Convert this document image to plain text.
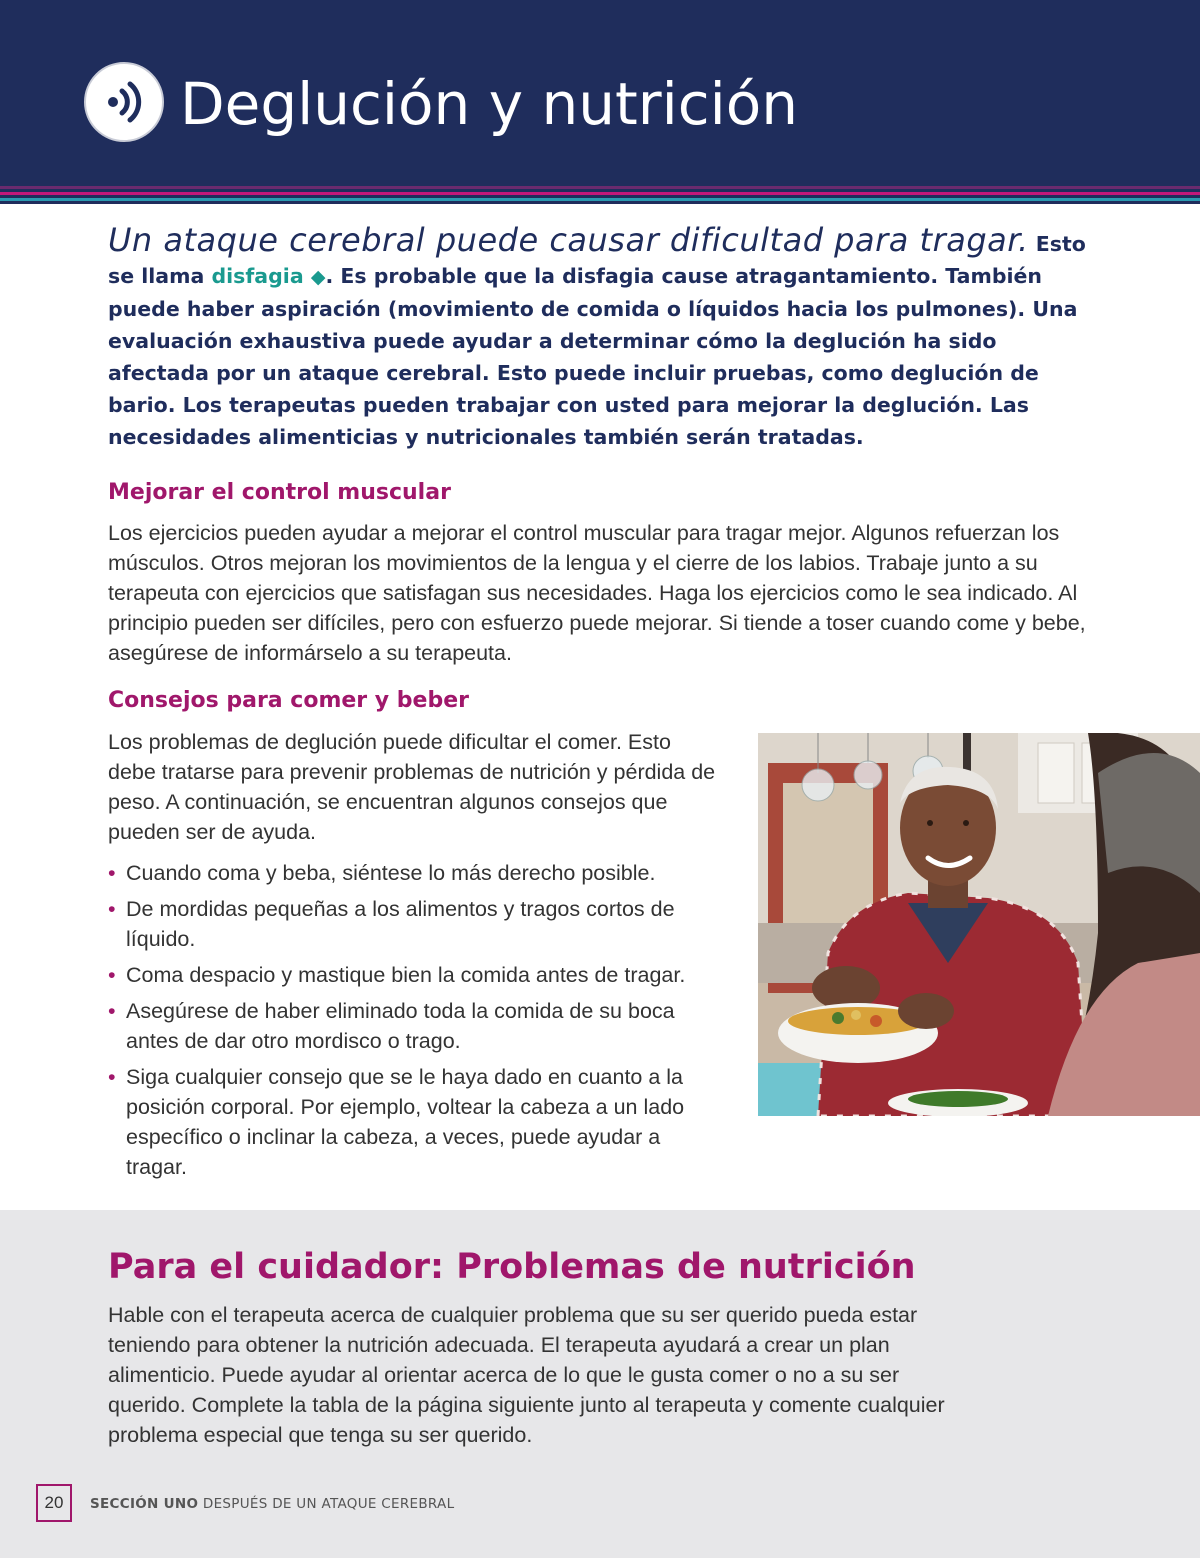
Deglución y nutrición

Un ataque cerebral puede causar dificultad para tragar. Esto se llama disfagia ◆. Es probable que la disfagia cause atragantamiento. También puede haber aspiración (movimiento de comida o líquidos hacia los pulmones). Una evaluación exhaustiva puede ayudar a determinar cómo la deglución ha sido afectada por un ataque cerebral. Esto puede incluir pruebas, como deglución de bario. Los terapeutas pueden trabajar con usted para mejorar la deglución. Las necesidades alimenticias y nutricionales también serán tratadas.

Mejorar el control muscular

Los ejercicios pueden ayudar a mejorar el control muscular para tragar mejor. Algunos refuerzan los músculos. Otros mejoran los movimientos de la lengua y el cierre de los labios. Trabaje junto a su terapeuta con ejercicios que satisfagan sus necesidades. Haga los ejercicios como le sea indicado. Al principio pueden ser difíciles, pero con esfuerzo puede mejorar. Si tiende a toser cuando come y bebe, asegúrese de informárselo a su terapeuta.

Consejos para comer y beber

Los problemas de deglución puede dificultar el comer. Esto debe tratarse para prevenir problemas de nutrición y pérdida de peso. A continuación, se encuentran algunos consejos que pueden ser de ayuda.

• Cuando coma y beba, siéntese lo más derecho posible.
• De mordidas pequeñas a los alimentos y tragos cortos de líquido.
• Coma despacio y mastique bien la comida antes de tragar.
• Asegúrese de haber eliminado toda la comida de su boca antes de dar otro mordisco o trago.
• Siga cualquier consejo que se le haya dado en cuanto a la posición corporal. Por ejemplo, voltear la cabeza a un lado específico o inclinar la cabeza, a veces, puede ayudar a tragar.
Para el cuidador: Problemas de nutrición

Hable con el terapeuta acerca de cualquier problema que su ser querido pueda estar teniendo para obtener la nutrición adecuada. El terapeuta ayudará a crear un plan alimenticio. Puede ayudar al orientar acerca de lo que le gusta comer o no a su ser querido. Complete la tabla de la página siguiente junto al terapeuta y comente cualquier problema especial que tenga su ser querido.

20	SECCIÓN UNO DESPUÉS DE UN ATAQUE CEREBRAL
